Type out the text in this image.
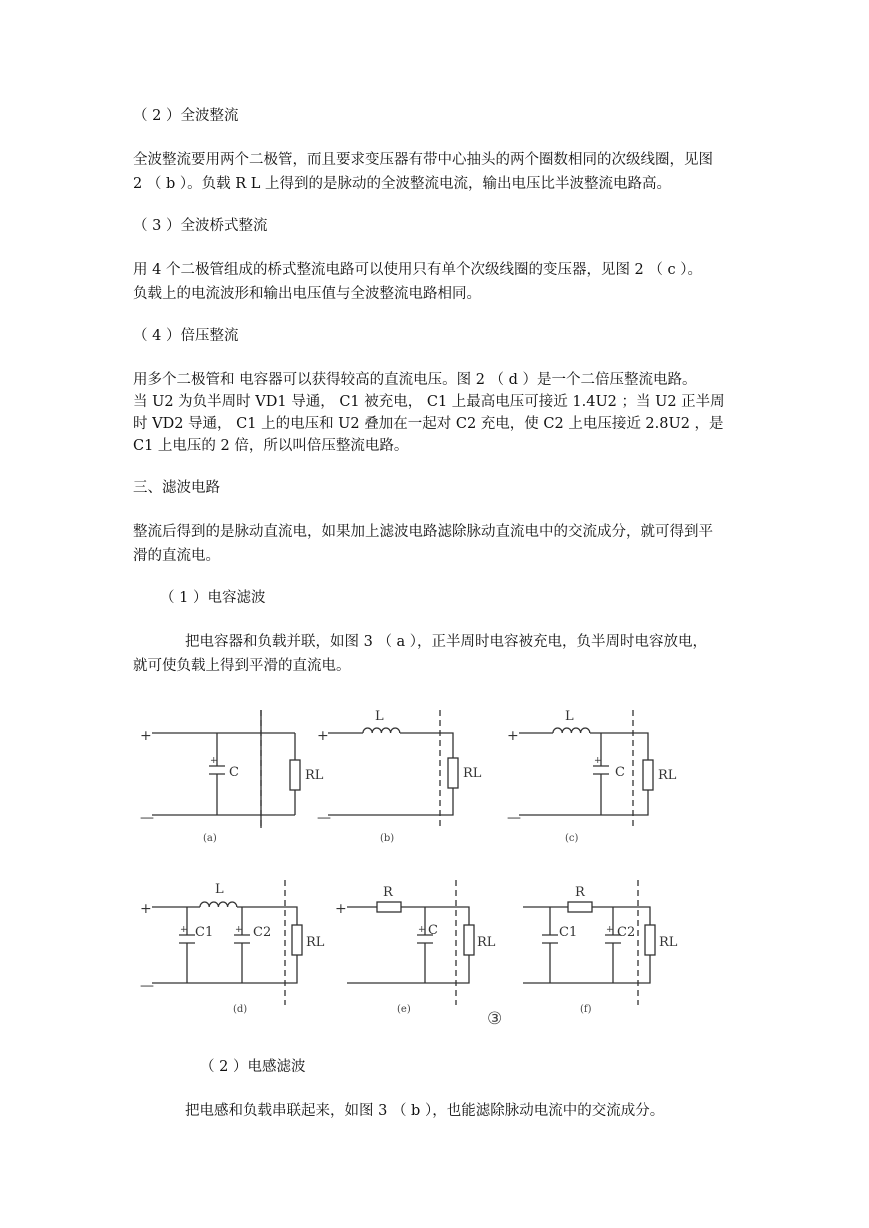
（ 2 ）全波整流
全波整流要用两个二极管，而且要求变压器有带中心抽头的两个圈数相同的次级线圈，见图
2 （ b ）。负载 R L 上得到的是脉动的全波整流电流，输出电压比半波整流电路高。
（ 3 ）全波桥式整流
用 4 个二极管组成的桥式整流电路可以使用只有单个次级线圈的变压器，见图 2 （ c ）。
负载上的电流波形和输出电压值与全波整流电路相同。
（ 4 ）倍压整流
用多个二极管和 电容器可以获得较高的直流电压。图 2 （ d ）是一个二倍压整流电路。
当 U2 为负半周时 VD1 导通， C1 被充电， C1 上最高电压可接近 1.4U2 ；当 U2 正半周
时 VD2 导通， C1 上的电压和 U2 叠加在一起对 C2 充电，使 C2 上电压接近 2.8U2 ，是
C1 上电压的 2 倍，所以叫倍压整流电路。
三、滤波电路
整流后得到的是脉动直流电，如果加上滤波电路滤除脉动直流电中的交流成分，就可得到平
滑的直流电。
（ 1 ）电容滤波
把电容器和负载并联，如图 3 （ a ），正半周时电容被充电，负半周时电容放电，
就可使负载上得到平滑的直流电。
+
—
+
C	RL
(a)
+
—
L
RL
(b)
+
—
L
+
C	RL
(c)
+
—
L
+	+
C1	C2
RL
(d)
+
R
+ C
RL
(e)
R
+
C1	C2
RL
(f)
③
（ 2 ）电感滤波
把电感和负载串联起来，如图 3 （ b ），也能滤除脉动电流中的交流成分。
